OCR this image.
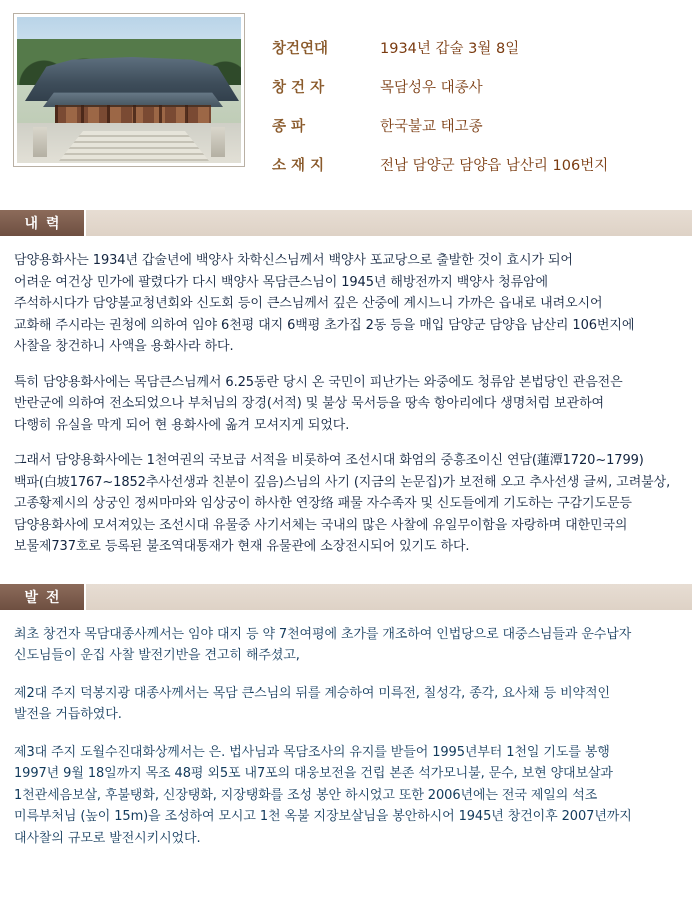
창건연대	1934년 갑술 3월 8일
창 건 자	목담성우 대종사
종 파	한국불교 태고종
소 재 지	전남 담양군 담양읍 남산리 106번지
내력

담양용화사는 1934년 갑술년에 백양사 차학신스님께서 백양사 포교당으로 출발한 것이 효시가 되어
어려운 여건상 민가에 팔렸다가 다시 백양사 목담큰스님이 1945년 해방전까지 백양사 청류암에
주석하시다가 담양불교청년회와 신도회 등이 큰스님께서 깊은 산중에 계시느니 가까은 읍내로 내려오시어
교화해 주시라는 권청에 의하여 임야 6천평 대지 6백평 초가집 2동 등을 매입 담양군 담양읍 남산리 106번지에
사찰을 창건하니 사액을 용화사라 하다.

특히 담양용화사에는 목담큰스님께서 6.25동란 당시 온 국민이 피난가는 와중에도 청류암 본법당인 관음전은
반란군에 의하여 전소되었으나 부처님의 장경(서적) 및 불상 묵서등을 땅속 항아리에다 생명처럼 보관하여
다행히 유실을 막게 되어 현 용화사에 옮겨 모셔지게 되었다.

그래서 담양용화사에는 1천여권의 국보급 서적을 비롯하여 조선시대 화엄의 중흥조이신 연담(蓮潭1720~1799)
백파(白坡1767~1852추사선생과 친분이 깊음)스님의 사기 (지금의 논문집)가 보전해 오고 추사선생 글씨, 고려불상,
고종황제시의 상궁인 정씨마마와 임상궁이 하사한 연장络 패물 자수족자 및 신도들에게 기도하는 구감기도문등
담양용화사에 모셔져있는 조선시대 유물중 사기서체는 국내의 많은 사찰에 유일무이함을 자랑하며 대한민국의
보물제737호로 등록된 불조역대통재가 현재 유물관에 소장전시되어 있기도 하다.

발전

최초 창건자 목담대종사께서는 임야 대지 등 약 7천여평에 초가를 개조하여 인법당으로 대중스님들과 운수납자
신도님들이 운집 사찰 발전기반을 견고히 해주셨고,

제2대 주지 덕봉지광 대종사께서는 목담 큰스님의 뒤를 계승하여 미륵전, 칠성각, 종각, 요사채 등 비약적인
발전을 거듭하였다.

제3대 주지 도월수진대화상께서는 은. 법사님과 목담조사의 유지를 받들어 1995년부터 1천일 기도를 봉행
1997년 9월 18일까지 목조 48평 외5포 내7포의 대웅보전을 건립 본존 석가모니불, 문수, 보현 양대보살과
1천관세음보살, 후불탱화, 신장탱화, 지장탱화를 조성 봉안 하시었고 또한 2006년에는 전국 제일의 석조
미륵부처님 (높이 15m)을 조성하여 모시고 1천 옥불 지장보살님을 봉안하시어 1945년 창건이후 2007년까지
대사찰의 규모로 발전시키시었다.
